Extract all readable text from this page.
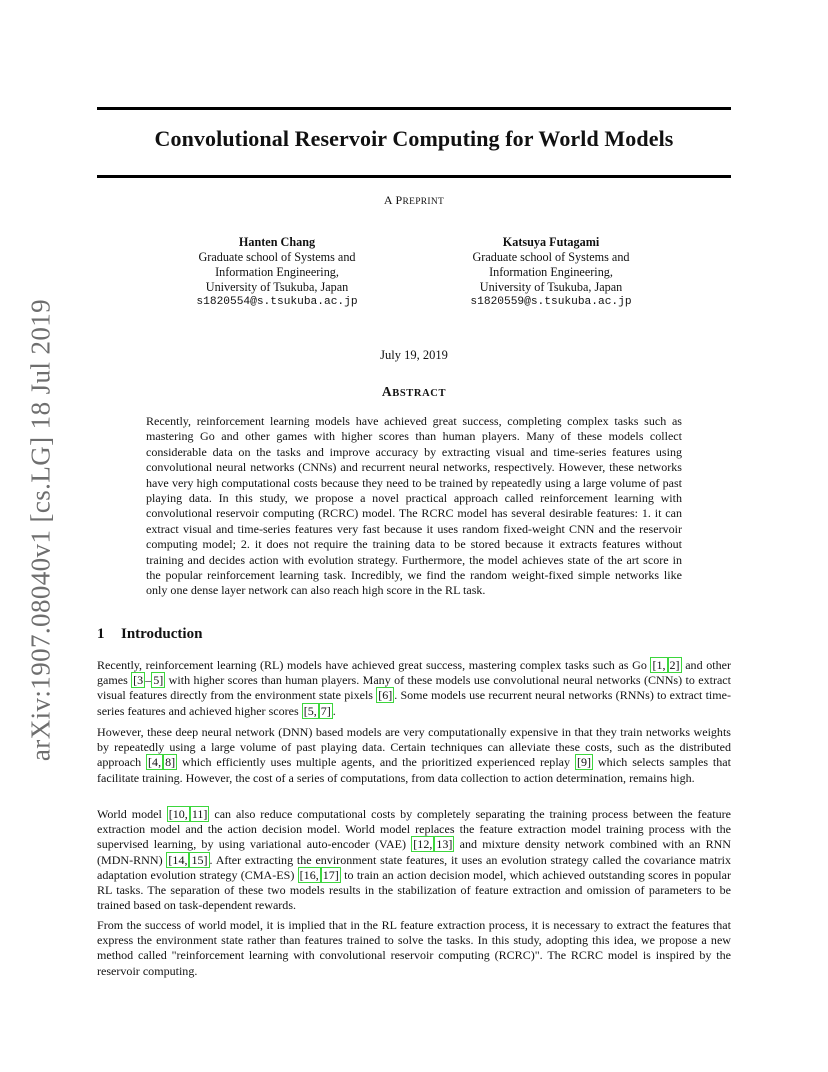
arXiv:1907.08040v1 [cs.LG] 18 Jul 2019
Convolutional Reservoir Computing for World Models
A PREPRINT
Hanten Chang
Graduate school of Systems and
Information Engineering,
University of Tsukuba, Japan
s1820554@s.tsukuba.ac.jp
Katsuya Futagami
Graduate school of Systems and
Information Engineering,
University of Tsukuba, Japan
s1820559@s.tsukuba.ac.jp
July 19, 2019
ABSTRACT
Recently, reinforcement learning models have achieved great success, completing complex tasks such as mastering Go and other games with higher scores than human players. Many of these models collect considerable data on the tasks and improve accuracy by extracting visual and time-series features using convolutional neural networks (CNNs) and recurrent neural networks, respectively. However, these networks have very high computational costs because they need to be trained by repeatedly using a large volume of past playing data. In this study, we propose a novel practical approach called reinforcement learning with convolutional reservoir computing (RCRC) model. The RCRC model has several desirable features: 1. it can extract visual and time-series features very fast because it uses random fixed-weight CNN and the reservoir computing model; 2. it does not require the training data to be stored because it extracts features without training and decides action with evolution strategy. Furthermore, the model achieves state of the art score in the popular reinforcement learning task. Incredibly, we find the random weight-fixed simple networks like only one dense layer network can also reach high score in the RL task.
1 Introduction
Recently, reinforcement learning (RL) models have achieved great success, mastering complex tasks such as Go [1, 2] and other games [3 – 5] with higher scores than human players. Many of these models use convolutional neural networks (CNNs) to extract visual features directly from the environment state pixels [6] . Some models use recurrent neural networks (RNNs) to extract time-series features and achieved higher scores [5, 7] .
However, these deep neural network (DNN) based models are very computationally expensive in that they train networks weights by repeatedly using a large volume of past playing data. Certain techniques can alleviate these costs, such as the distributed approach [4, 8] which efficiently uses multiple agents, and the prioritized experienced replay [9] which selects samples that facilitate training. However, the cost of a series of computations, from data collection to action determination, remains high.
World model [10, 11] can also reduce computational costs by completely separating the training process between the feature extraction model and the action decision model. World model replaces the feature extraction model training process with the supervised learning, by using variational auto-encoder (VAE) [12, 13] and mixture density network combined with an RNN (MDN-RNN) [14, 15] . After extracting the environment state features, it uses an evolution strategy called the covariance matrix adaptation evolution strategy (CMA-ES) [16, 17] to train an action decision model, which achieved outstanding scores in popular RL tasks. The separation of these two models results in the stabilization of feature extraction and omission of parameters to be trained based on task-dependent rewards.
From the success of world model, it is implied that in the RL feature extraction process, it is necessary to extract the features that express the environment state rather than features trained to solve the tasks. In this study, adopting this idea, we propose a new method called "reinforcement learning with convolutional reservoir computing (RCRC)". The RCRC model is inspired by the reservoir computing.
